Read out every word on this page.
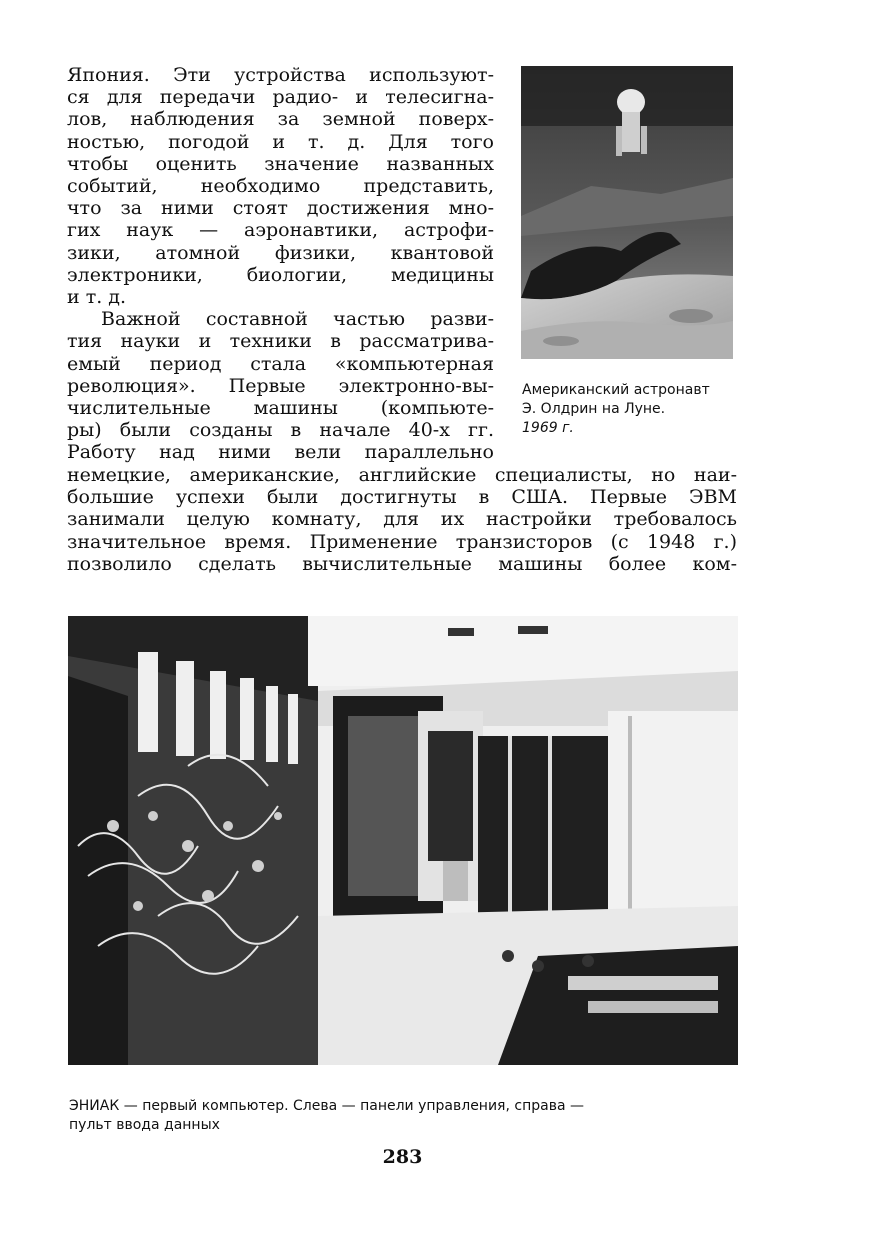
Япония. Эти устройства используют-
ся для передачи радио- и телесигна-
лов, наблюдения за земной поверх-
ностью, погодой и т. д. Для того
чтобы оценить значение названных
событий, необходимо представить,
что за ними стоят достижения мно-
гих наук — аэронавтики, астрофи-
зики, атомной физики, квантовой
электроники, биологии, медицины
и т. д.
Важной составной частью разви-
тия науки и техники в рассматрива-
емый период стала «компьютерная
революция». Первые электронно-вы-
числительные машины (компьюте-
ры) были созданы в начале 40-х гг.
Работу над ними вели параллельно
немецкие, американские, английские специалисты, но наи-
большие успехи были достигнуты в США. Первые ЭВМ
занимали целую комнату, для их настройки требовалось
значительное время. Применение транзисторов (с 1948 г.)
позволило сделать вычислительные машины более ком-
Американский астронавт
Э. Олдрин на Луне.
1969 г.
ЭНИАК — первый компьютер. Слева — панели управления, справа —
пульт ввода данных
283
